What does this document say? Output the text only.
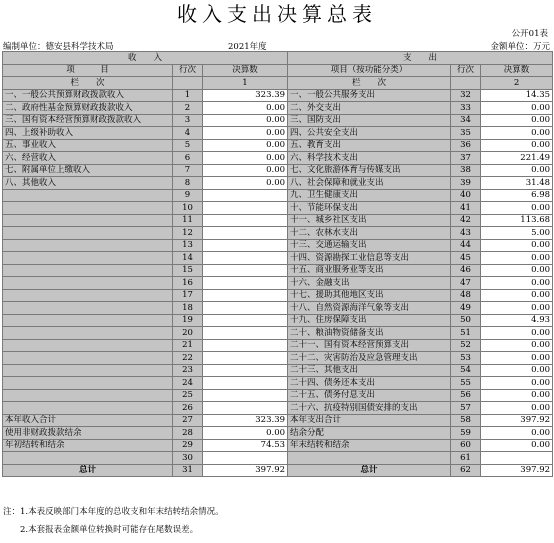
收入支出决算总表
公开01表
编制单位：德安县科学技术局	2021年度	金额单位：万元
收　　入			支　　出		
项　　　目	行次	决算数	项目（按功能分类）	行次	决算数
栏　　次		1	栏　　次		2
一、一般公共预算财政拨款收入	1	323.39	一、一般公共服务支出	32	14.35
二、政府性基金预算财政拨款收入	2	0.00	二、外交支出	33	0.00
三、国有资本经营预算财政拨款收入	3	0.00	三、国防支出	34	0.00
四、上级补助收入	4	0.00	四、公共安全支出	35	0.00
五、事业收入	5	0.00	五、教育支出	36	0.00
六、经营收入	6	0.00	六、科学技术支出	37	221.49
七、附属单位上缴收入	7	0.00	七、文化旅游体育与传媒支出	38	0.00
八、其他收入	8	0.00	八、社会保障和就业支出	39	31.48
	9		九、卫生健康支出	40	6.98
	10		十、节能环保支出	41	0.00
	11		十一、城乡社区支出	42	113.68
	12		十二、农林水支出	43	5.00
	13		十三、交通运输支出	44	0.00
	14		十四、资源勘探工业信息等支出	45	0.00
	15		十五、商业服务业等支出	46	0.00
	16		十六、金融支出	47	0.00
	17		十七、援助其他地区支出	48	0.00
	18		十八、自然资源海洋气象等支出	49	0.00
	19		十九、住房保障支出	50	4.93
	20		二十、粮油物资储备支出	51	0.00
	21		二十一、国有资本经营预算支出	52	0.00
	22		二十二、灾害防治及应急管理支出	53	0.00
	23		二十三、其他支出	54	0.00
	24		二十四、债务还本支出	55	0.00
	25		二十五、债务付息支出	56	0.00
	26		二十六、抗疫特别国债安排的支出	57	0.00
本年收入合计	27	323.39	本年支出合计	58	397.92
使用非财政拨款结余	28	0.00	结余分配	59	0.00
年初结转和结余	29	74.53	年末结转和结余	60	0.00
	30			61	
总计	31	397.92	总计	62	397.92
注：1.本表反映部门本年度的总收支和年末结转结余情况。
2.本套报表金额单位转换时可能存在尾数误差。
